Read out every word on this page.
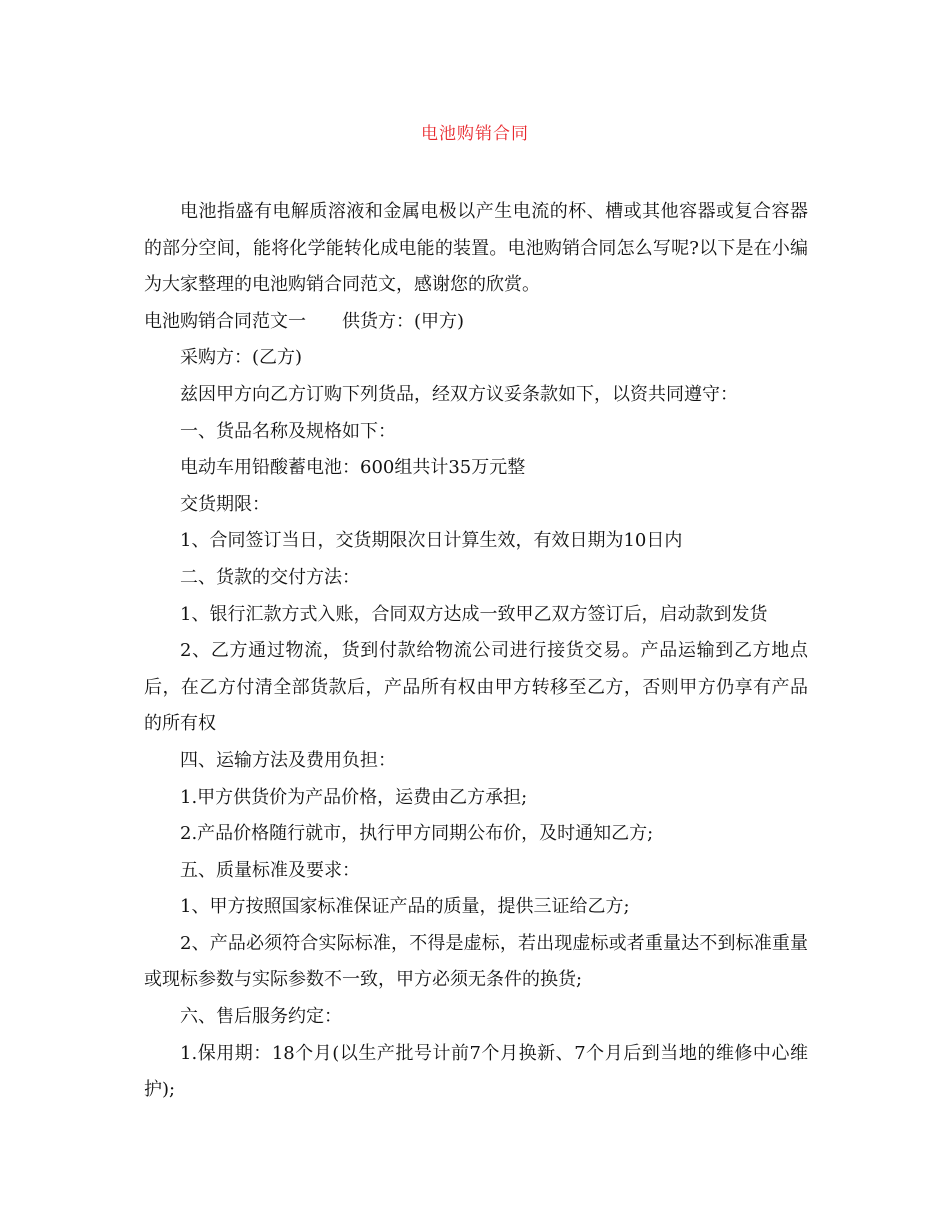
电池购销合同

电池指盛有电解质溶液和金属电极以产生电流的杯、槽或其他容器或复合容器的部分空间，能将化学能转化成电能的装置。电池购销合同怎么写呢?以下是在小编为大家整理的电池购销合同范文，感谢您的欣赏。

电池购销合同范文一 供货方：(甲方)

采购方：(乙方)

兹因甲方向乙方订购下列货品，经双方议妥条款如下，以资共同遵守：

一、货品名称及规格如下：

电动车用铅酸蓄电池：600组共计35万元整

交货期限：

1、合同签订当日，交货期限次日计算生效，有效日期为10日内

二、货款的交付方法：

1、银行汇款方式入账，合同双方达成一致甲乙双方签订后，启动款到发货

2、乙方通过物流，货到付款给物流公司进行接货交易。产品运输到乙方地点后，在乙方付清全部货款后，产品所有权由甲方转移至乙方，否则甲方仍享有产品的所有权

四、运输方法及费用负担：

1.甲方供货价为产品价格，运费由乙方承担;

2.产品价格随行就市，执行甲方同期公布价，及时通知乙方;

五、质量标准及要求：

1、甲方按照国家标准保证产品的质量，提供三证给乙方;

2、产品必须符合实际标准，不得是虚标，若出现虚标或者重量达不到标准重量或现标参数与实际参数不一致，甲方必须无条件的换货;

六、售后服务约定：

1.保用期：18个月(以生产批号计前7个月换新、7个月后到当地的维修中心维护);
